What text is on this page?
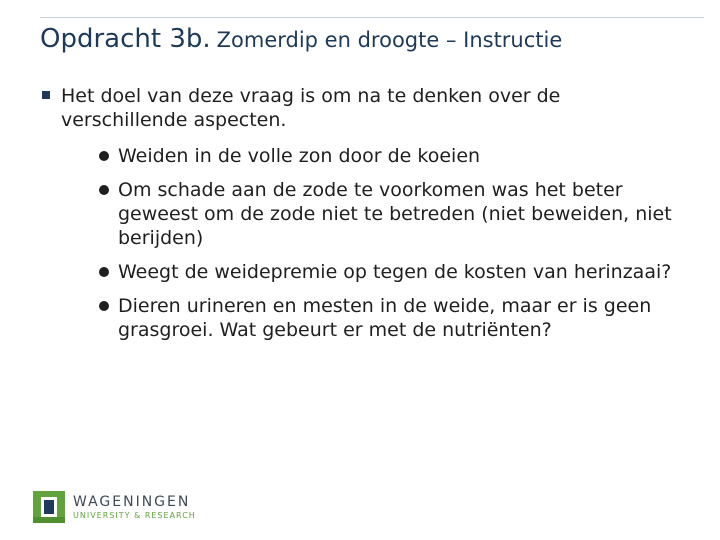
Opdracht 3b. Zomerdip en droogte – Instructie
Het doel van deze vraag is om na te denken over de verschillende aspecten.
Weiden in de volle zon door de koeien
Om schade aan de zode te voorkomen was het beter geweest om de zode niet te betreden (niet beweiden, niet berijden)
Weegt de weidepremie op tegen de kosten van herinzaai?
Dieren urineren en mesten in de weide, maar er is geen grasgroei. Wat gebeurt er met de nutriënten?
WAGENINGEN
UNIVERSITY & RESEARCH
